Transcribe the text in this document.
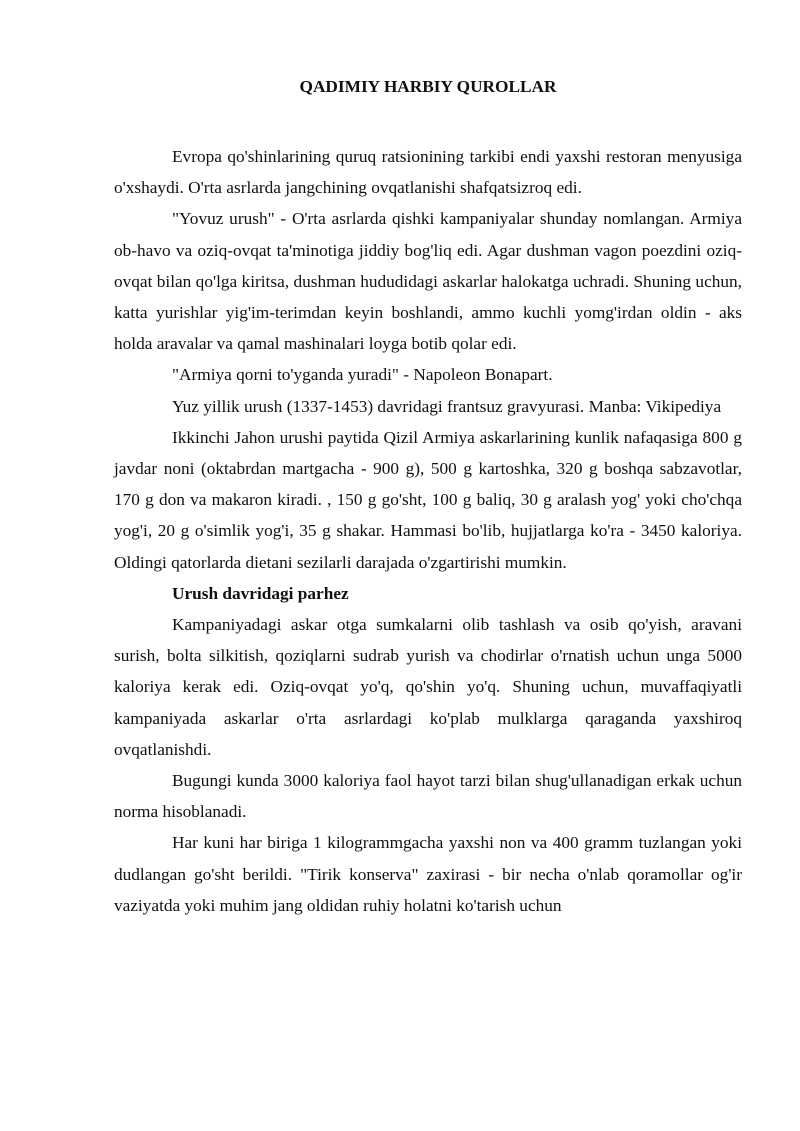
QADIMIY HARBIY QUROLLAR

Evropa qo'shinlarining quruq ratsionining tarkibi endi yaxshi restoran menyusiga o'xshaydi. O'rta asrlarda jangchining ovqatlanishi shafqatsizroq edi.

"Yovuz urush" - O'rta asrlarda qishki kampaniyalar shunday nomlangan. Armiya ob-havo va oziq-ovqat ta'minotiga jiddiy bog'liq edi. Agar dushman vagon poezdini oziq-ovqat bilan qo'lga kiritsa, dushman hududidagi askarlar halokatga uchradi. Shuning uchun, katta yurishlar yig'im-terimdan keyin boshlandi, ammo kuchli yomg'irdan oldin - aks holda aravalar va qamal mashinalari loyga botib qolar edi.

"Armiya qorni to'yganda yuradi" - Napoleon Bonapart.

Yuz yillik urush (1337-1453) davridagi frantsuz gravyurasi. Manba: Vikipediya

Ikkinchi Jahon urushi paytida Qizil Armiya askarlarining kunlik nafaqasiga 800 g javdar noni (oktabrdan martgacha - 900 g), 500 g kartoshka, 320 g boshqa sabzavotlar, 170 g don va makaron kiradi. , 150 g go'sht, 100 g baliq, 30 g aralash yog' yoki cho'chqa yog'i, 20 g o'simlik yog'i, 35 g shakar. Hammasi bo'lib, hujjatlarga ko'ra - 3450 kaloriya. Oldingi qatorlarda dietani sezilarli darajada o'zgartirishi mumkin.

Urush davridagi parhez

Kampaniyadagi askar otga sumkalarni olib tashlash va osib qo'yish, aravani surish, bolta silkitish, qoziqlarni sudrab yurish va chodirlar o'rnatish uchun unga 5000 kaloriya kerak edi. Oziq-ovqat yo'q, qo'shin yo'q. Shuning uchun, muvaffaqiyatli kampaniyada askarlar o'rta asrlardagi ko'plab mulklarga qaraganda yaxshiroq ovqatlanishdi.

Bugungi kunda 3000 kaloriya faol hayot tarzi bilan shug'ullanadigan erkak uchun norma hisoblanadi.

Har kuni har biriga 1 kilogrammgacha yaxshi non va 400 gramm tuzlangan yoki dudlangan go'sht berildi. "Tirik konserva" zaxirasi - bir necha o'nlab qoramollar og'ir vaziyatda yoki muhim jang oldidan ruhiy holatni ko'tarish uchun
